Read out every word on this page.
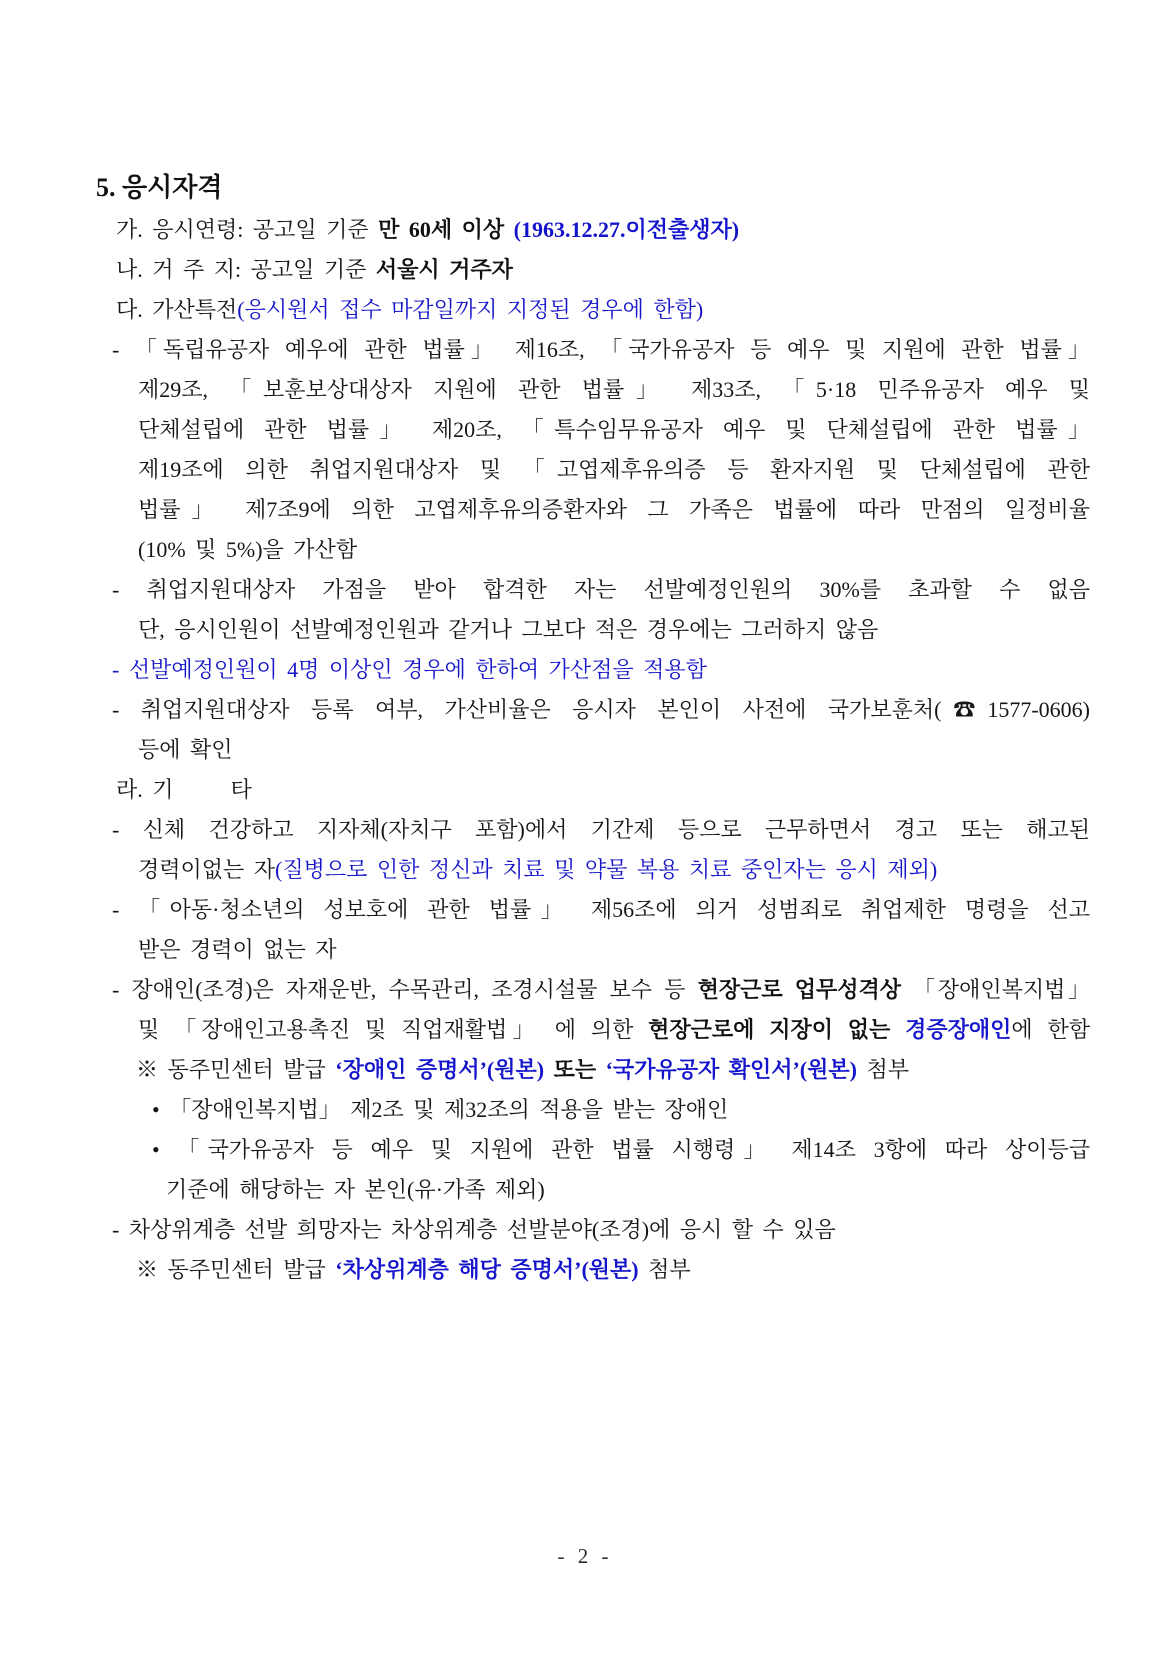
5. 응시자격
가. 응시연령: 공고일 기준 만 60세 이상 (1963.12.27.이전출생자)
나. 거 주 지: 공고일 기준 서울시 거주자
다. 가산특전(응시원서 접수 마감일까지 지정된 경우에 한함)
- 「독립유공자 예우에 관한 법률」 제16조, 「국가유공자 등 예우 및 지원에 관한 법률」
제29조, 「보훈보상대상자 지원에 관한 법률」 제33조, 「5·18 민주유공자 예우 및
단체설립에 관한 법률」 제20조, 「특수임무유공자 예우 및 단체설립에 관한 법률」
제19조에 의한 취업지원대상자 및 「고엽제후유의증 등 환자지원 및 단체설립에 관한
법률」 제7조9에 의한 고엽제후유의증환자와 그 가족은 법률에 따라 만점의 일정비율
(10% 및 5%)을 가산함
- 취업지원대상자 가점을 받아 합격한 자는 선발예정인원의 30%를 초과할 수 없음
단, 응시인원이 선발예정인원과 같거나 그보다 적은 경우에는 그러하지 않음
- 선발예정인원이 4명 이상인 경우에 한하여 가산점을 적용함
- 취업지원대상자 등록 여부, 가산비율은 응시자 본인이 사전에 국가보훈처(☎1577-0606)
등에 확인
라. 기      타
- 신체 건강하고 지자체(자치구 포함)에서 기간제 등으로 근무하면서 경고 또는 해고된
경력이없는 자(질병으로 인한 정신과 치료 및 약물 복용 치료 중인자는 응시 제외)
- 「아동·청소년의 성보호에 관한 법률」 제56조에 의거 성범죄로 취업제한 명령을 선고
받은 경력이 없는 자
- 장애인(조경)은 자재운반, 수목관리, 조경시설물 보수 등 현장근로 업무성격상 「장애인복지법」
및 「장애인고용촉진 및 직업재활법」 에 의한 현장근로에 지장이 없는 경증장애인에 한함
※ 동주민센터 발급 ‘장애인 증명서’(원본) 또는 ‘국가유공자 확인서’(원본) 첨부
• 「장애인복지법」 제2조 및 제32조의 적용을 받는 장애인
• 「국가유공자 등 예우 및 지원에 관한 법률 시행령」 제14조 3항에 따라 상이등급
기준에 해당하는 자 본인(유·가족 제외)
- 차상위계층 선발 희망자는 차상위계층 선발분야(조경)에 응시 할 수 있음
※ 동주민센터 발급 ‘차상위계층 해당 증명서’(원본) 첨부
- 2 -
